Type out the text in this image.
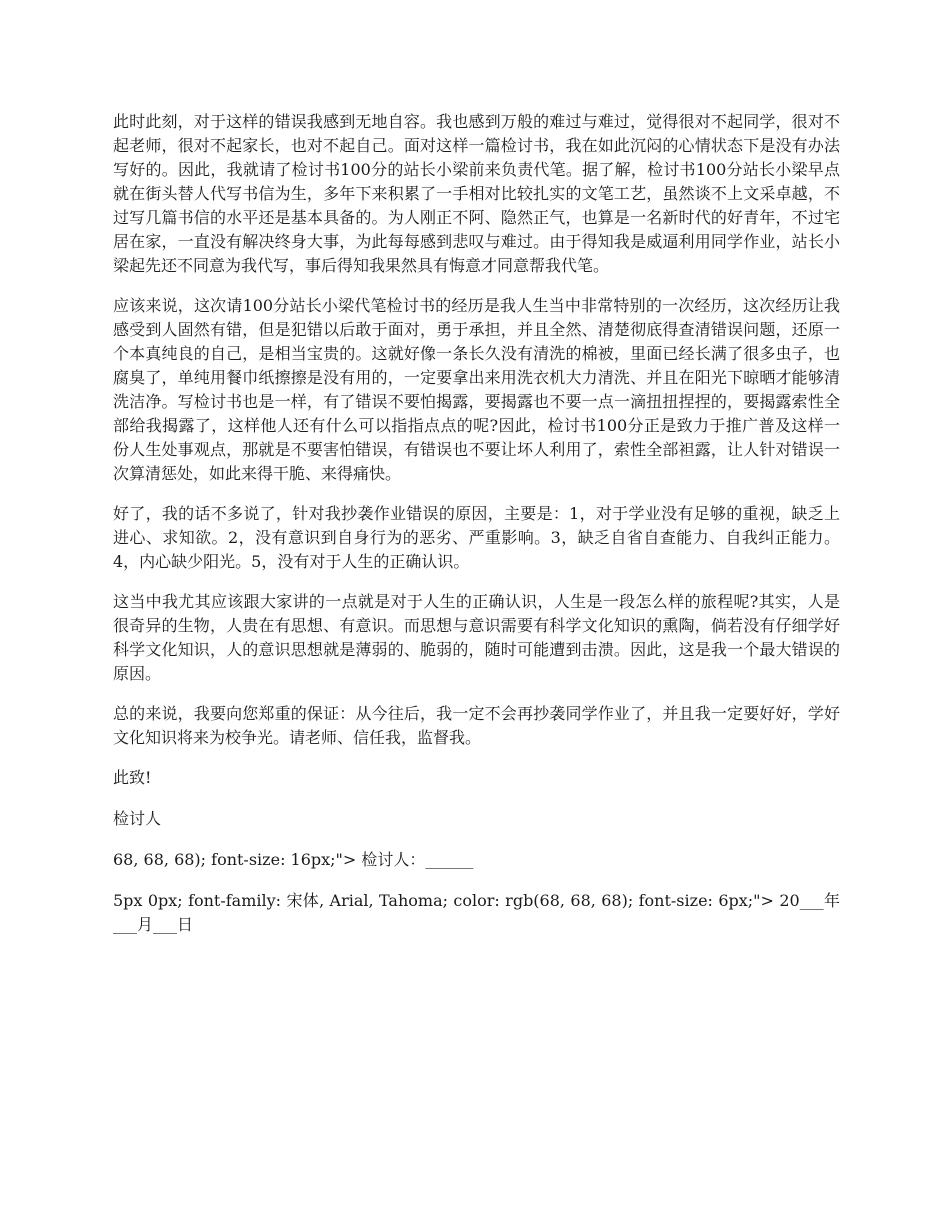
此时此刻，对于这样的错误我感到无地自容。我也感到万般的难过与难过，觉得很对不起同学，很对不起老师，很对不起家长，也对不起自己。面对这样一篇检讨书，我在如此沉闷的心情状态下是没有办法写好的。因此，我就请了检讨书100分的站长小梁前来负责代笔。据了解，检讨书100分站长小梁早点就在街头替人代写书信为生，多年下来积累了一手相对比较扎实的文笔工艺，虽然谈不上文采卓越，不过写几篇书信的水平还是基本具备的。为人刚正不阿、隐然正气，也算是一名新时代的好青年，不过宅居在家，一直没有解决终身大事，为此每每感到悲叹与难过。由于得知我是威逼利用同学作业，站长小梁起先还不同意为我代写，事后得知我果然具有悔意才同意帮我代笔。

应该来说，这次请100分站长小梁代笔检讨书的经历是我人生当中非常特别的一次经历，这次经历让我感受到人固然有错，但是犯错以后敢于面对，勇于承担，并且全然、清楚彻底得查清错误问题，还原一个本真纯良的自己，是相当宝贵的。这就好像一条长久没有清洗的棉被，里面已经长满了很多虫子，也腐臭了，单纯用餐巾纸擦擦是没有用的，一定要拿出来用洗衣机大力清洗、并且在阳光下晾晒才能够清洗洁净。写检讨书也是一样，有了错误不要怕揭露，要揭露也不要一点一滴扭扭捏捏的，要揭露索性全部给我揭露了，这样他人还有什么可以指指点点的呢?因此，检讨书100分正是致力于推广普及这样一份人生处事观点，那就是不要害怕错误，有错误也不要让坏人利用了，索性全部袒露，让人针对错误一次算清惩处，如此来得干脆、来得痛快。

好了，我的话不多说了，针对我抄袭作业错误的原因，主要是：1，对于学业没有足够的重视，缺乏上进心、求知欲。2，没有意识到自身行为的恶劣、严重影响。3，缺乏自省自查能力、自我纠正能力。4，内心缺少阳光。5，没有对于人生的正确认识。

这当中我尤其应该跟大家讲的一点就是对于人生的正确认识，人生是一段怎么样的旅程呢?其实，人是很奇异的生物，人贵在有思想、有意识。而思想与意识需要有科学文化知识的熏陶，倘若没有仔细学好科学文化知识，人的意识思想就是薄弱的、脆弱的，随时可能遭到击溃。因此，这是我一个最大错误的原因。

总的来说，我要向您郑重的保证：从今往后，我一定不会再抄袭同学作业了，并且我一定要好好，学好文化知识将来为校争光。请老师、信任我，监督我。

此致!

检讨人

68, 68, 68); font-size: 16px;"> 检讨人：______

5px 0px; font-family: 宋体, Arial, Tahoma; color: rgb(68, 68, 68); font-size: 6px;"> 20___年___月___日
